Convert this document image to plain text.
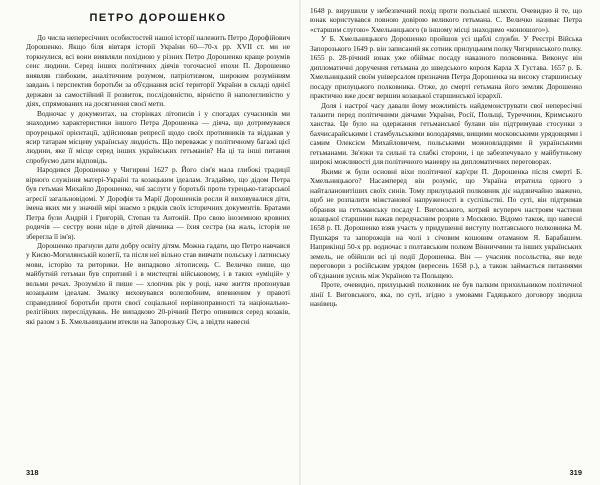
ПЕТРО ДОРОШЕНКО

До числа непересічних особистостей нашої історії належить Петро Дорофійович Дорошенко. Якщо біля вівтаря історії України 60—70-х рр. XVII ст. ми не торкнулися, всі вони виявляли похідною у різних Петро Дорошенко краще розумів сенс людини. Серед інших політичних діячів тогочасної епохи П. Дорошенко виявляв глибоким, аналітичним розумом, патріотизмом, широким розумінням завдань і перспектив боротьби за об'єднання всієї території України в складі однієї держави за самостійний її розвиток, послідовністю, вірністю й наполегливістю у діях, спрямованих на досягнення своєї мети.

Водночас у документах, на сторінках літописів і у спогадах сучасників ми знаходимо характеристики іншого Петра Дорошенка — діяча, що дотримувався проурецької орієнтації, здійснював репресії щодо своїх противників та віддавав у ясир татарам місцеву українську людність. Що переважає у політичному багажі цієї людини, яке її місце серед інших українських гетьманів? На ці та інші питання спробуємо дати відповідь.

Народився Дорошенко у Чигирині 1627 р. Його сім'я мала глибокі традиції вірного служіння матері-Україні та козацьким ідеалам. Згадаймо, що дідом Петра був гетьман Михайло Дорошенко, чиї заслуги у боротьбі проти турецько-татарської агресії загальновідомі. У Дорофія та Марії Дорошенків росли й виховувалися діти, імена яких ми у значній мірі знаємо з рядків своїх історичних документів. Братами Петра були Андрій і Григорій, Степан та Антоній. Про свою іноземною кровних родичів — сестру вони ніде в дітей дівчинка — їхня сестра (на жаль, історія не зберегла її ім'я).

Дорошенко прагнули дати добру освіту дітям. Можна гадати, що Петро навчався у Києво-Могилянській колегії, та після неї вільно став вивчати польську і латинську мови, історію та риторики. Не випадково літописець С. Величко пише, що майбутній гетьман був спритний і в мистецтві військовому, і в таких «уміцій» у вельми речах. Зрозуміло й пише — хлопчик рік у році, наче життя пропонував козацьким ідеалам. Змалку виховувався волелюбним, впевненим у правоті справедливої боротьби проти своєї соціальної нерівноправності та національно-релігійних переслідувань. Не випадково 20-річний Петро опинився серед козаків, які разом з Б. Хмельницьким втекли на Запорозьку Січ, а звідти навесні

318

1648 р. вирушили у небезпечний похід проти польської шляхти. Очевидно й те, що юнак користувався повною довірою великого гетьмана. С. Величко називає Петра «старшим слугою» Хмельницького (в іншому місці знаходимо «конюшого»).

У Б. Хмельницького Дорошенко пройшов усі щаблі служби. У Реєстрі Війська Запорозького 1649 р. він записаний як сотник прилуцьким полку Чигиринського полку. 1655 р. 28-річний юнак уже обіймає посаду наказного полковника. Виконує він дипломатичні доручення гетьмана до шведського короля Карла X Густава. 1657 р. Б. Хмельницький своїм універсалом призначив Петра Дорошенка на високу старшинську посаду прилуцького полковника. Отже, до смерті гетьмана його земляк Дорошенко практично вже досяг вершин козацької старшинської ієрархії.

Доля і настрої часу давали йому можливість найдемонструвати свої непересічні таланти перед політичними діячами України, Росії, Польщі, Туреччини, Кримського ханства. Це було на одержання гетьманської булави він підтримував стосунки з бахчисарайськими і стамбульськими володарями, вищими московськими урядовцями і самим Олексієм Михайловичем, польськими можновладцями й українськими гетьманами. Зв'язки та сильні та слабкі сторони, і це забезпечувало у майбутньому широкі можливості для політичного маневру на дипломатичних переговорах.

Якими ж були основні віхи політичної кар'єри П. Дорошенка після смерті Б. Хмельницького? Насамперед він розуміє, що Україна втратила одного з найталановитіших своїх синів. Тому прилуцький полковник діє надзвичайно зважено, щоб не розпалити міжстанової напруженості в суспільстві. По суті, він підтримав обрання на гетьманську посаду І. Виговського, котрий всупереч настроям частини козацької старшини важав передчасним розрив з Москвою. Відомо також, що навесні 1658 р. П. Дорошенко взяв участь у придушенні виступу полтавського полковника М. Пушкаря та запорожців на чолі з січовим кошовим отаманом Я. Барабашем. Наприкінці 50-х рр. водночас з полтавським полком Вінниччини та інших українських земель, не обійшли всі ці події Дорошенка. Він — учасник посольства, яке веде переговори з російським урядом (вересень 1658 р.), а також займається питаннями об'єднання зусиль між Україною та Польщею.

Проте, очевидно, прилуцький полковник не був палким прихильником політичної лінії І. Виговського, яка, по суті, згідно з умовами Гадяцького договору зводила нанівець

319
